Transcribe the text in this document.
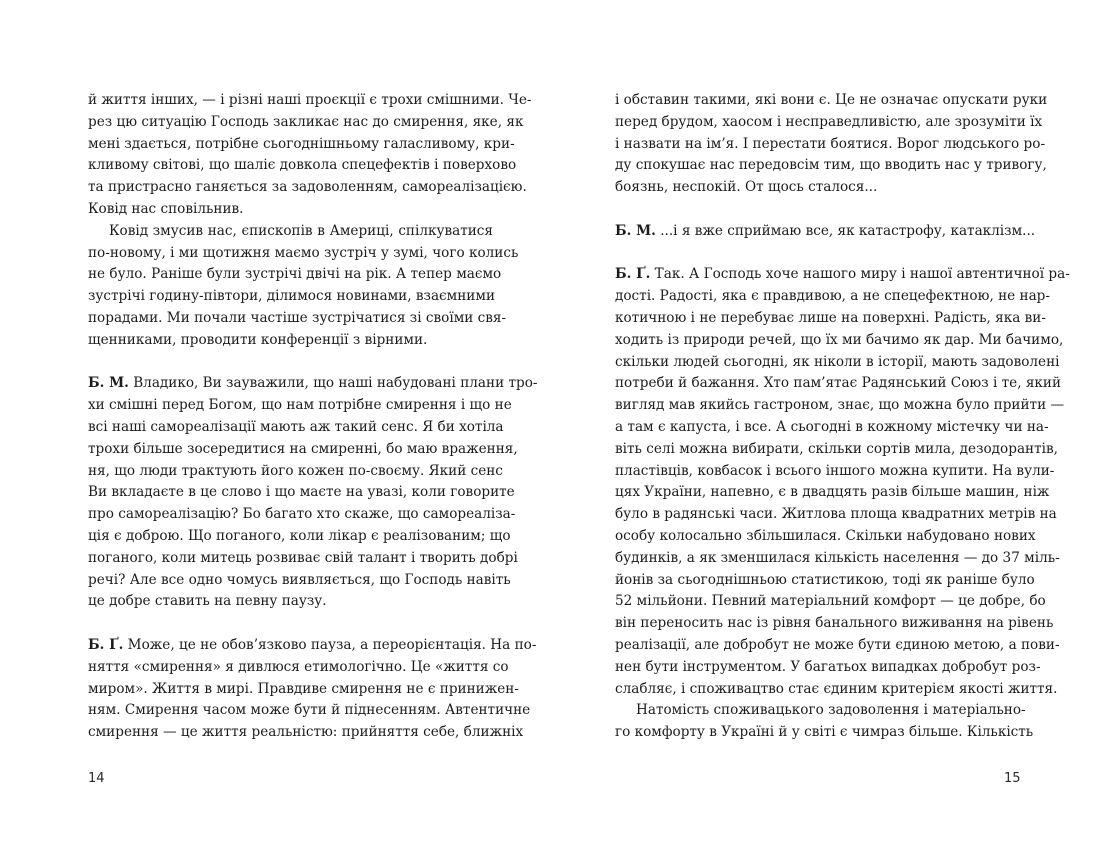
й життя інших, — і різні наші проєкції є трохи смішними. Че-
рез цю ситуацію Господь закликає нас до смирення, яке, як
мені здається, потрібне сьогоднішньому галасливому, кри-
кливому світові, що шаліє довкола спецефектів і поверхово
та пристрасно ганяється за задоволенням, самореалізацією.
Ковід нас сповільнив.
Ковід змусив нас, єпископів в Америці, спілкуватися
по-новому, і ми щотижня маємо зустріч у зумі, чого колись
не було. Раніше були зустрічі двічі на рік. А тепер маємо
зустрічі годину-півтори, ділимося новинами, взаємними
порадами. Ми почали частіше зустрічатися зі своїми свя-
щенниками, проводити конференції з вірними.
Б. М. Владико, Ви зауважили, що наші набудовані плани тро-
хи смішні перед Богом, що нам потрібне смирення і що не
всі наші самореалізації мають аж такий сенс. Я би хотіла
трохи більше зосередитися на смиренні, бо маю враження,
ня, що люди трактують його кожен по-своєму. Який сенс
Ви вкладаєте в це слово і що маєте на увазі, коли говорите
про самореалізацію? Бо багато хто скаже, що самореаліза-
ція є доброю. Що поганого, коли лікар є реалізованим; що
поганого, коли митець розвиває свій талант і творить добрі
речі? Але все одно чомусь виявляється, що Господь навіть
це добре ставить на певну паузу.
Б. Ґ. Може, це не обов’язково пауза, а переорієнтація. На по-
няття «смирення» я дивлюся етимологічно. Це «життя со
миром». Життя в мирі. Правдиве смирення не є принижен-
ням. Смирення часом може бути й піднесенням. Автентичне
смирення — це життя реальністю: прийняття себе, ближніх
14
і обставин такими, які вони є. Це не означає опускати руки
перед брудом, хаосом і несправедливістю, але зрозуміти їх
і назвати на ім’я. І перестати боятися. Ворог людського ро-
ду спокушає нас передовсім тим, що вводить нас у тривогу,
боязнь, неспокій. От щось сталося...
Б. М. ...і я вже сприймаю все, як катастрофу, катаклізм...
Б. Ґ. Так. А Господь хоче нашого миру і нашої автентичної ра-
дості. Радості, яка є правдивою, а не спецефектною, не нар-
котичною і не перебуває лише на поверхні. Радість, яка ви-
ходить із природи речей, що їх ми бачимо як дар. Ми бачимо,
скільки людей сьогодні, як ніколи в історії, мають задоволені
потреби й бажання. Хто пам’ятає Радянський Союз і те, який
вигляд мав якийсь гастроном, знає, що можна було прийти —
а там є капуста, і все. А сьогодні в кожному містечку чи на-
віть селі можна вибирати, скільки сортів мила, дезодорантів,
пластівців, ковбасок і всього іншого можна купити. На вули-
цях України, напевно, є в двадцять разів більше машин, ніж
було в радянські часи. Житлова площа квадратних метрів на
особу колосально збільшилася. Скільки набудовано нових
будинків, а як зменшилася кількість населення — до 37 міль-
йонів за сьогоднішньою статистикою, тоді як раніше було
52 мільйони. Певний матеріальний комфорт — це добре, бо
він переносить нас із рівня банального виживання на рівень
реалізації, але добробут не може бути єдиною метою, а пови-
нен бути інструментом. У багатьох випадках добробут роз-
слабляє, і споживацтво стає єдиним критерієм якості життя.
Натомість споживацького задоволення і матеріально-
го комфорту в Україні й у світі є чимраз більше. Кількість
15
